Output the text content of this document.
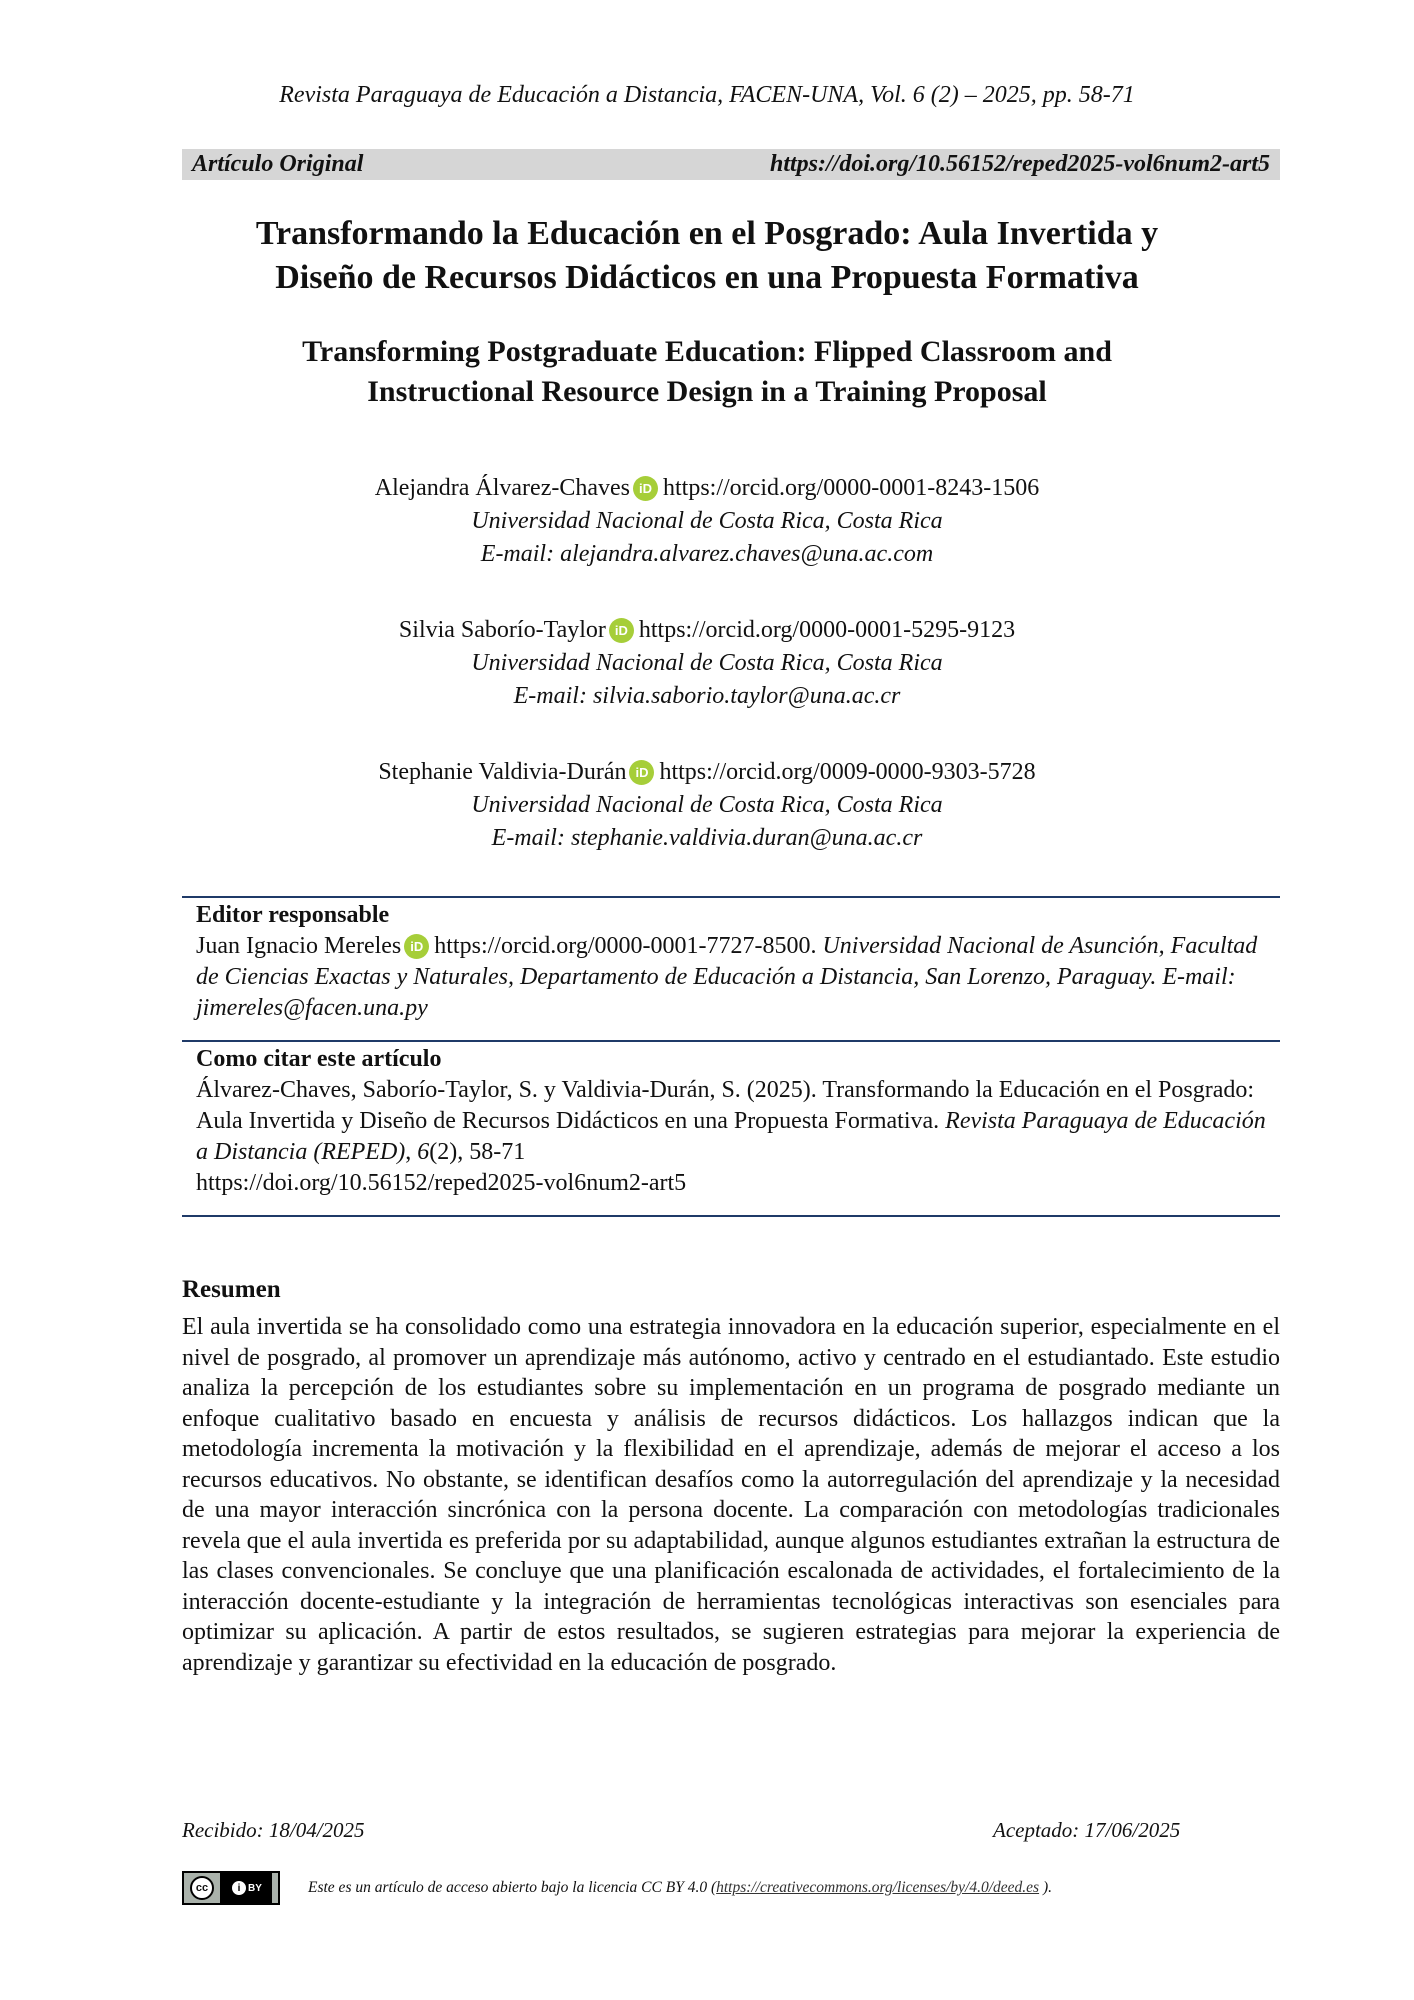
Revista Paraguaya de Educación a Distancia, FACEN-UNA, Vol. 6 (2) – 2025, pp. 58-71
Artículo Original	https://doi.org/10.56152/reped2025-vol6num2-art5
Transformando la Educación en el Posgrado: Aula Invertida y
Diseño de Recursos Didácticos en una Propuesta Formativa
Transforming Postgraduate Education: Flipped Classroom and
Instructional Resource Design in a Training Proposal
Alejandra Álvarez-Chaves iD https://orcid.org/0000-0001-8243-1506
Universidad Nacional de Costa Rica, Costa Rica
E-mail: alejandra.alvarez.chaves@una.ac.com
Silvia Saborío-Taylor iD https://orcid.org/0000-0001-5295-9123
Universidad Nacional de Costa Rica, Costa Rica
E-mail: silvia.saborio.taylor@una.ac.cr
Stephanie Valdivia-Durán iD https://orcid.org/0009-0000-9303-5728
Universidad Nacional de Costa Rica, Costa Rica
E-mail: stephanie.valdivia.duran@una.ac.cr
Editor responsable
Juan Ignacio Mereles iD https://orcid.org/0000-0001-7727-8500. Universidad Nacional de Asunción, Facultad de Ciencias Exactas y Naturales, Departamento de Educación a Distancia, San Lorenzo, Paraguay. E-mail: jimereles@facen.una.py
Como citar este artículo
Álvarez-Chaves, Saborío-Taylor, S. y Valdivia-Durán, S. (2025). Transformando la Educación en el Posgrado: Aula Invertida y Diseño de Recursos Didácticos en una Propuesta Formativa. Revista Paraguaya de Educación a Distancia (REPED), 6(2), 58-71
https://doi.org/10.56152/reped2025-vol6num2-art5
Resumen

El aula invertida se ha consolidado como una estrategia innovadora en la educación superior, especialmente en el nivel de posgrado, al promover un aprendizaje más autónomo, activo y centrado en el estudiantado. Este estudio analiza la percepción de los estudiantes sobre su implementación en un programa de posgrado mediante un enfoque cualitativo basado en encuesta y análisis de recursos didácticos. Los hallazgos indican que la metodología incrementa la motivación y la flexibilidad en el aprendizaje, además de mejorar el acceso a los recursos educativos. No obstante, se identifican desafíos como la autorregulación del aprendizaje y la necesidad de una mayor interacción sincrónica con la persona docente. La comparación con metodologías tradicionales revela que el aula invertida es preferida por su adaptabilidad, aunque algunos estudiantes extrañan la estructura de las clases convencionales. Se concluye que una planificación escalonada de actividades, el fortalecimiento de la interacción docente-estudiante y la integración de herramientas tecnológicas interactivas son esenciales para optimizar su aplicación. A partir de estos resultados, se sugieren estrategias para mejorar la experiencia de aprendizaje y garantizar su efectividad en la educación de posgrado.

Recibido: 18/04/2025	Aceptado: 17/06/2025
cc	i BY	Este es un artículo de acceso abierto bajo la licencia CC BY 4.0 (https://creativecommons.org/licenses/by/4.0/deed.es ).
